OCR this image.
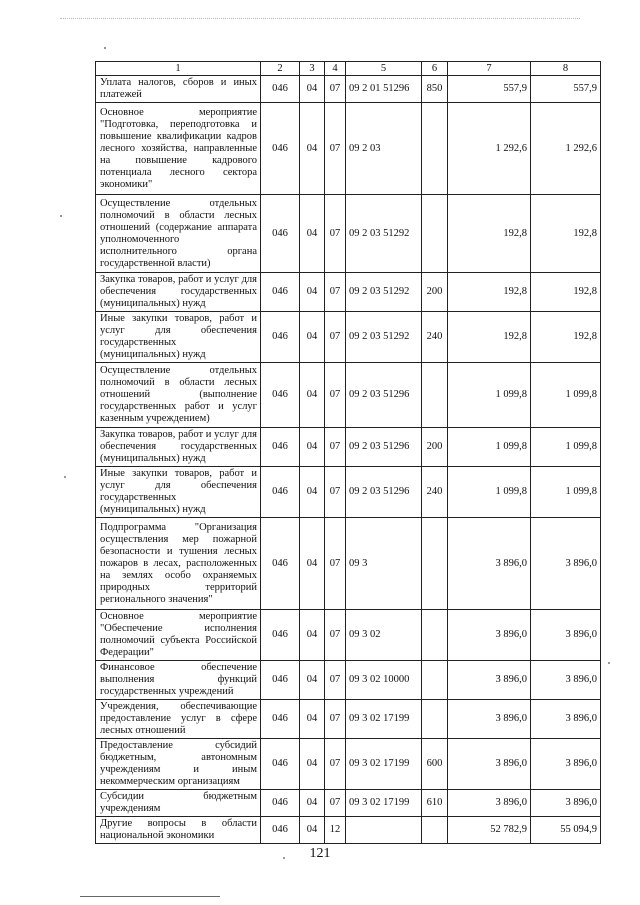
1	2	3	4	5	6	7	8
Уплата налогов, сборов и иных платежей	046	04	07	09 2 01 51296	850	557,9	557,9
Основное мероприятие "Подготовка, переподготовка и повышение квалификации кадров лесного хозяйства, направленные на повышение кадрового потенциала лесного сектора экономики"	046	04	07	09 2 03		1 292,6	1 292,6
Осуществление отдельных полномочий в области лесных отношений (содержание аппарата уполномоченного исполнительного органа государственной власти)	046	04	07	09 2 03 51292		192,8	192,8
Закупка товаров, работ и услуг для обеспечения государственных (муниципальных) нужд	046	04	07	09 2 03 51292	200	192,8	192,8
Иные закупки товаров, работ и услуг для обеспечения государственных (муниципальных) нужд	046	04	07	09 2 03 51292	240	192,8	192,8
Осуществление отдельных полномочий в области лесных отношений (выполнение государственных работ и услуг казенным учреждением)	046	04	07	09 2 03 51296		1 099,8	1 099,8
Закупка товаров, работ и услуг для обеспечения государственных (муниципальных) нужд	046	04	07	09 2 03 51296	200	1 099,8	1 099,8
Иные закупки товаров, работ и услуг для обеспечения государственных (муниципальных) нужд	046	04	07	09 2 03 51296	240	1 099,8	1 099,8
Подпрограмма "Организация осуществления мер пожарной безопасности и тушения лесных пожаров в лесах, расположенных на землях особо охраняемых природных территорий регионального значения"	046	04	07	09 3		3 896,0	3 896,0
Основное мероприятие "Обеспечение исполнения полномочий субъекта Российской Федерации"	046	04	07	09 3 02		3 896,0	3 896,0
Финансовое обеспечение выполнения функций государственных учреждений	046	04	07	09 3 02 10000		3 896,0	3 896,0
Учреждения, обеспечивающие предоставление услуг в сфере лесных отношений	046	04	07	09 3 02 17199		3 896,0	3 896,0
Предоставление субсидий бюджетным, автономным учреждениям и иным некоммерческим организациям	046	04	07	09 3 02 17199	600	3 896,0	3 896,0
Субсидии бюджетным учреждениям	046	04	07	09 3 02 17199	610	3 896,0	3 896,0
Другие вопросы в области национальной экономики	046	04	12			52 782,9	55 094,9
121
